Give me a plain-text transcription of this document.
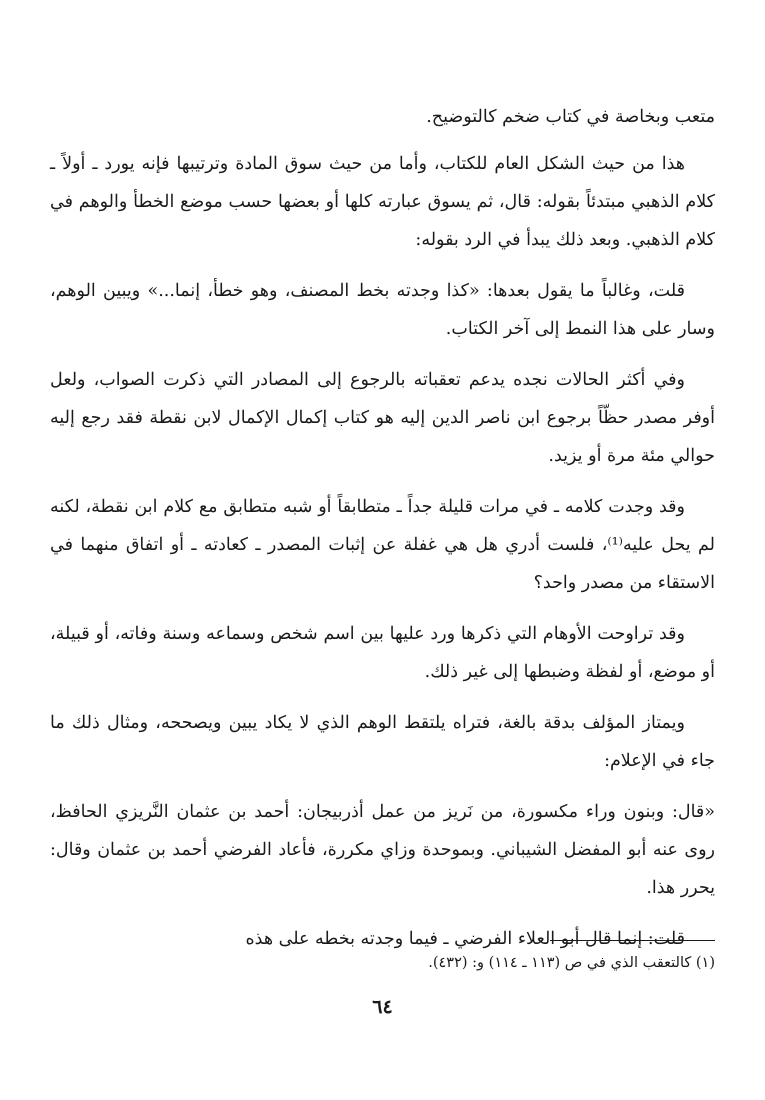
متعب وبخاصة في كتاب ضخم كالتوضيح.

هذا من حيث الشكل العام للكتاب، وأما من حيث سوق المادة وترتيبها فإنه يورد ـ أولاً ـ كلام الذهبي مبتدئاً بقوله: قال، ثم يسوق عبارته كلها أو بعضها حسب موضع الخطأ والوهم في كلام الذهبي. وبعد ذلك يبدأ في الرد بقوله:

قلت، وغالباً ما يقول بعدها: «كذا وجدته بخط المصنف، وهو خطأ، إنما...» ويبين الوهم، وسار على هذا النمط إلى آخر الكتاب.

وفي أكثر الحالات نجده يدعم تعقباته بالرجوع إلى المصادر التي ذكرت الصواب، ولعل أوفر مصدر حظّاً برجوع ابن ناصر الدين إليه هو كتاب إكمال الإكمال لابن نقطة فقد رجع إليه حوالي مئة مرة أو يزيد.

وقد وجدت كلامه ـ في مرات قليلة جداً ـ متطابقاً أو شبه متطابق مع كلام ابن نقطة، لكنه لم يحل عليه⁽¹⁾، فلست أدري هل هي غفلة عن إثبات المصدر ـ كعادته ـ أو اتفاق منهما في الاستقاء من مصدر واحد؟

وقد تراوحت الأوهام التي ذكرها ورد عليها بين اسم شخص وسماعه وسنة وفاته، أو قبيلة، أو موضع، أو لفظة وضبطها إلى غير ذلك.

ويمتاز المؤلف بدقة بالغة، فتراه يلتقط الوهم الذي لا يكاد يبين ويصححه، ومثال ذلك ما جاء في الإعلام:

«قال: وبنون وراء مكسورة، من نَريز من عمل أذربيجان: أحمد بن عثمان النَّريزي الحافظ، روى عنه أبو المفضل الشيباني. وبموحدة وزاي مكررة، فأعاد الفرضي أحمد بن عثمان وقال: يحرر هذا.

قلت: إنما قال أبو العلاء الفرضي ـ فيما وجدته بخطه على هذه

(١) كالتعقب الذي في ص (١١٣ ـ ١١٤) و: (٤٣٢).
٦٤
